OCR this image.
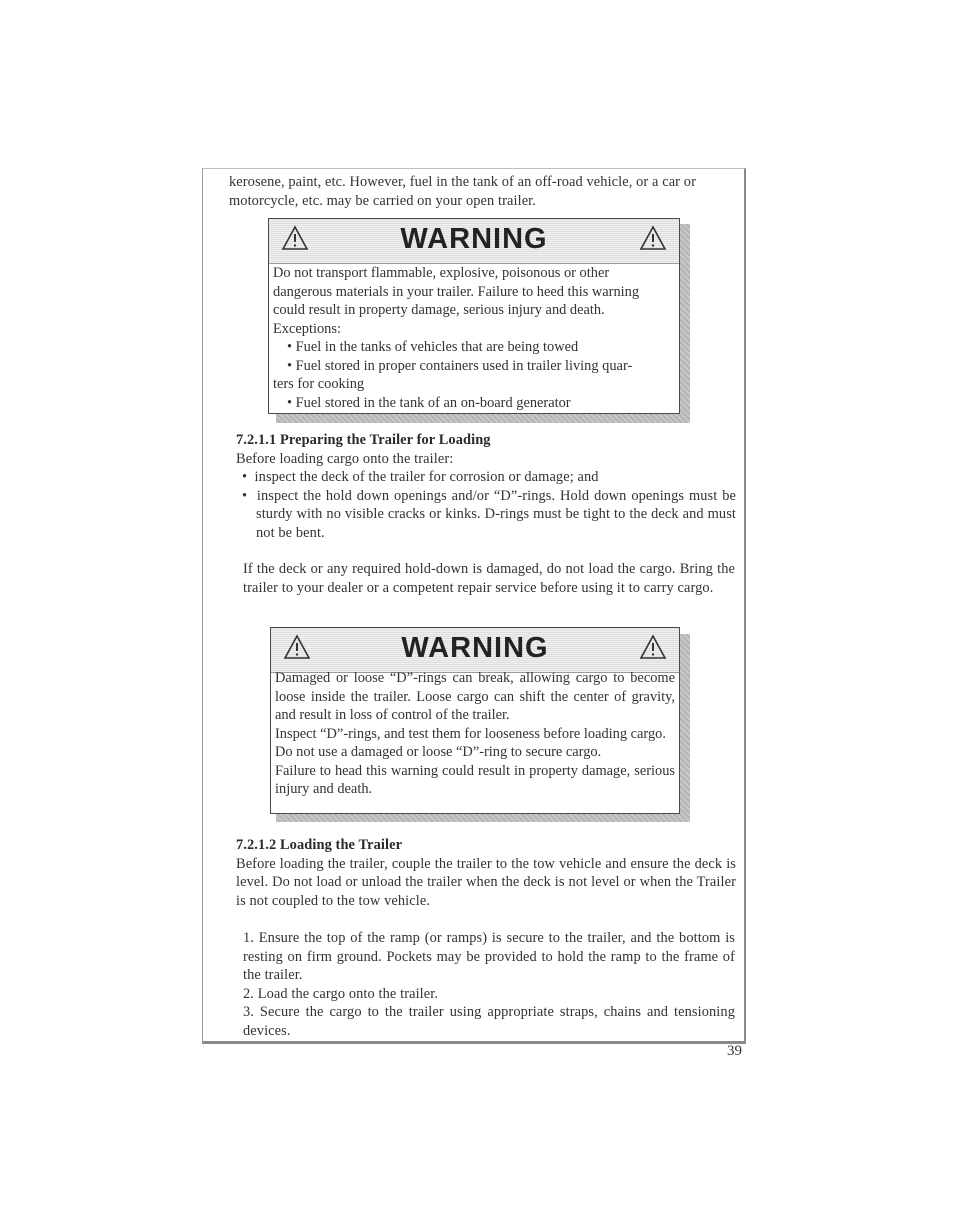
kerosene, paint, etc. However, fuel in the tank of an off-road vehicle, or a car or
motorcycle, etc. may be carried on your open trailer.
WARNING
Do not transport flammable, explosive, poisonous or other
dangerous materials in your trailer. Failure to heed this warning
could result in property damage, serious injury and death.
Exceptions:
• Fuel in the tanks of vehicles that are being towed
• Fuel stored in proper containers used in trailer living quar-
ters for cooking
• Fuel stored in the tank of an on-board generator
7.2.1.1 Preparing the Trailer for Loading
Before loading cargo onto the trailer:
•  inspect the deck of the trailer for corrosion or damage; and
•  inspect the hold down openings and/or “D”-rings. Hold down openings must be sturdy with no visible cracks or kinks. D-rings must be tight to the deck and must not be bent.
If the deck or any required hold-down is damaged, do not load the cargo. Bring the trailer to your dealer or a competent repair service before using it to carry cargo.
WARNING
Damaged or loose “D”-rings can break, allowing cargo to become loose inside the trailer. Loose cargo can shift the center of gravity, and result in loss of control of the trailer.
Inspect “D”-rings, and test them for looseness before loading cargo.
Do not use a damaged or loose “D”-ring to secure cargo.
Failure to head this warning could result in property damage, serious injury and death.
7.2.1.2 Loading the Trailer
Before loading the trailer, couple the trailer to the tow vehicle and ensure the deck is level. Do not load or unload the trailer when the deck is not level or when the Trailer is not coupled to the tow vehicle.
1. Ensure the top of the ramp (or ramps) is secure to the trailer, and the bottom is resting on firm ground. Pockets may be provided to hold the ramp to the frame of the trailer.
2. Load the cargo onto the trailer.
3. Secure the cargo to the trailer using appropriate straps, chains and tensioning devices.
39
